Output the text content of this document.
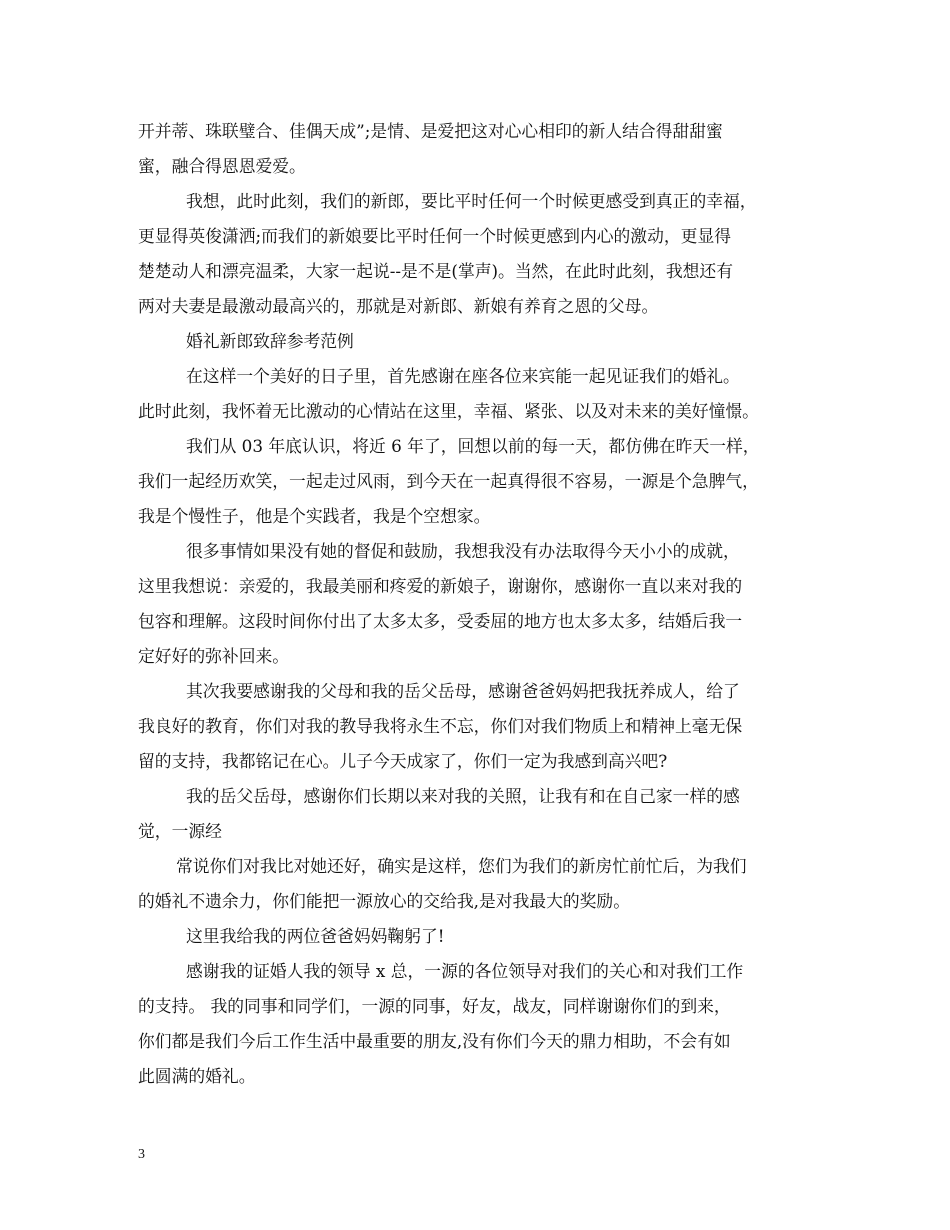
开并蒂、珠联璧合、佳偶天成”;是情、是爱把这对心心相印的新人结合得甜甜蜜
蜜，融合得恩恩爱爱。
我想，此时此刻，我们的新郎，要比平时任何一个时候更感受到真正的幸福，
更显得英俊潇洒;而我们的新娘要比平时任何一个时候更感到内心的激动，更显得
楚楚动人和漂亮温柔，大家一起说--是不是(掌声)。当然，在此时此刻，我想还有
两对夫妻是最激动最高兴的，那就是对新郎、新娘有养育之恩的父母。
婚礼新郎致辞参考范例
在这样一个美好的日子里，首先感谢在座各位来宾能一起见证我们的婚礼。
此时此刻，我怀着无比激动的心情站在这里，幸福、紧张、以及对未来的美好憧憬。
我们从 03 年底认识，将近 6 年了，回想以前的每一天，都仿佛在昨天一样，
我们一起经历欢笑，一起走过风雨，到今天在一起真得很不容易，一源是个急脾气，
我是个慢性子，他是个实践者，我是个空想家。
很多事情如果没有她的督促和鼓励，我想我没有办法取得今天小小的成就，
这里我想说：亲爱的，我最美丽和疼爱的新娘子，谢谢你，感谢你一直以来对我的
包容和理解。这段时间你付出了太多太多，受委屈的地方也太多太多，结婚后我一
定好好的弥补回来。
其次我要感谢我的父母和我的岳父岳母，感谢爸爸妈妈把我抚养成人，给了
我良好的教育，你们对我的教导我将永生不忘，你们对我们物质上和精神上毫无保
留的支持，我都铭记在心。儿子今天成家了，你们一定为我感到高兴吧?
我的岳父岳母，感谢你们长期以来对我的关照，让我有和在自己家一样的感
觉，一源经
常说你们对我比对她还好，确实是这样，您们为我们的新房忙前忙后，为我们
的婚礼不遗余力，你们能把一源放心的交给我,是对我最大的奖励。
这里我给我的两位爸爸妈妈鞠躬了!
感谢我的证婚人我的领导 x 总，一源的各位领导对我们的关心和对我们工作
的支持。 我的同事和同学们，一源的同事，好友，战友，同样谢谢你们的到来，
你们都是我们今后工作生活中最重要的朋友,没有你们今天的鼎力相助，不会有如
此圆满的婚礼。
3
